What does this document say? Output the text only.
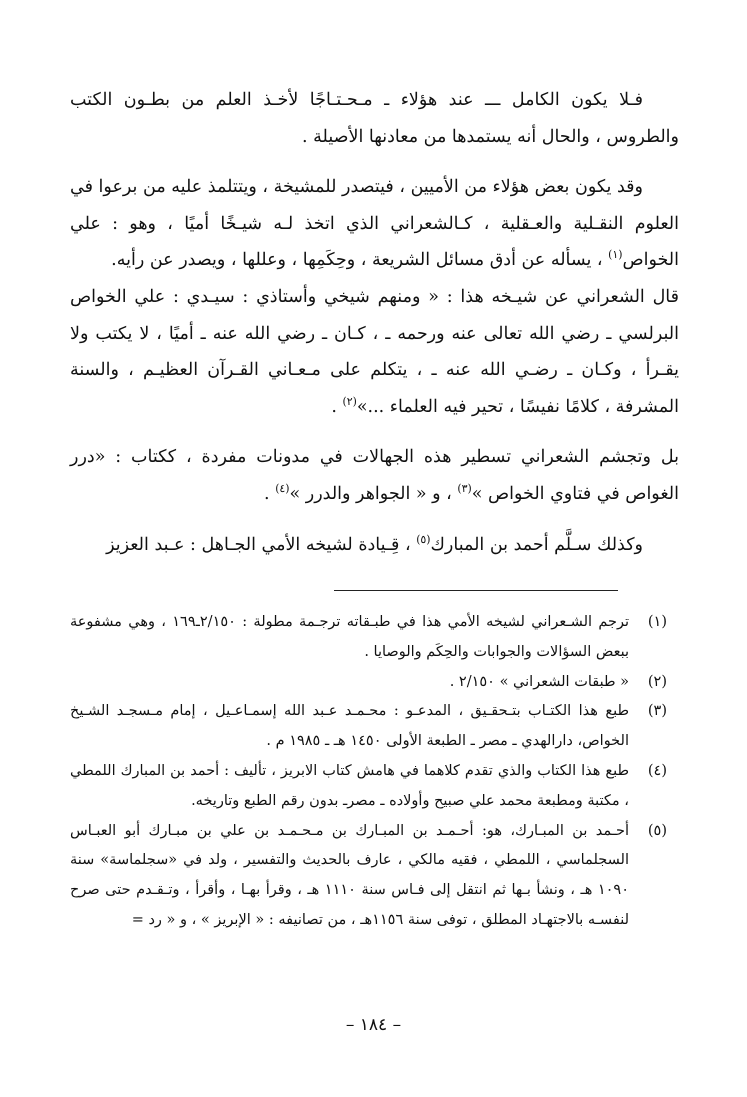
فـلا يكون الكامل ـــ عند هؤلاء ـ مـحـتـاجًا لأخـذ العلم من بطـون الكتب والطروس ، والحال أنه يستمدها من معادنها الأصيلة .

وقد يكون بعض هؤلاء من الأميين ، فيتصدر للمشيخة ، ويتتلمذ عليه من برعوا في العلوم النقـلية والعـقلية ، كـالشعراني الذي اتخذ لـه شيـخًا أميًا ، وهو : علي الخواص$^{(١)}$ ، يسأله عن أدق مسائل الشريعة ، وحِكَمِها ، وعللها ، ويصدر عن رأيه.

قال الشعراني عن شيـخه هذا : « ومنهم شيخي وأستاذي : سيـدي : علي الخواص البرلسي ـ رضي الله تعالى عنه ورحمه ـ ، كـان ـ رضي الله عنه ـ أميًا ، لا يكتب ولا يقـرأ ، وكـان ـ رضـي الله عنه ـ ، يتكلم على مـعـاني القـرآن العظيـم ، والسنة المشرفة ، كلامًا نفيسًا ، تحير فيه العلماء ...»$^{(٢)}$ .

بل وتجشم الشعراني تسطير هذه الجهالات في مدونات مفردة ، ككتاب : «درر الغواص في فتاوي الخواص »$^{(٣)}$ ، و « الجواهر والدرر »$^{(٤)}$ .

وكذلك سـلَّم أحمد بن المبارك$^{(٥)}$ ، قِـيادة لشيخه الأمي الجـاهل : عـبد العزيز

(١)
ترجم الشـعراني لشيخه الأمي هذا في طبـقاته ترجـمة مطولة : ٢/١٥٠ـ١٦٩ ، وهي مشفوعة ببعض السؤالات والجوابات والحِكَم والوصايا .
(٢)
« طبقات الشعراني » ٢/١٥٠ .
(٣)
طبع هذا الكتـاب بتـحقـيق ، المدعـو : محـمـد عـبد الله إسمـاعـيل ، إمام مـسجـد الشـيخ الخواص، دارالهدي ـ مصر ـ الطبعة الأولى ١٤٥٠ هـ ـ ١٩٨٥ م .
(٤)
طبع هذا الكتاب والذي تقدم كلاهما في هامش كتاب الابريز ، تأليف : أحمد بن المبارك اللمطي ، مكتبة ومطبعة محمد علي صبيح وأولاده ـ مصرـ بدون رقم الطبع وتاريخه.
(٥)
أحـمد بن المبـارك، هو: أحـمـد بن المبـارك بن مـحـمـد بن علي بن مبـارك أبو العبـاس السجلماسي ، اللمطي ، فقيه مالكي ، عارف بالحديث والتفسير ، ولد في «سجلماسة» سنة ١٠٩٠ هـ ، ونشأ بـها ثم انتقل إلى فـاس سنة ١١١٠ هـ ، وقرأ بهـا ، وأقرأ ، وتـقـدم حتى صرح لنفسـه بالاجتهـاد المطلق ، توفى سنة ١١٥٦هـ ، من تصانيفه : « الإبريز » ، و « رد =
– ١٨٤ –
